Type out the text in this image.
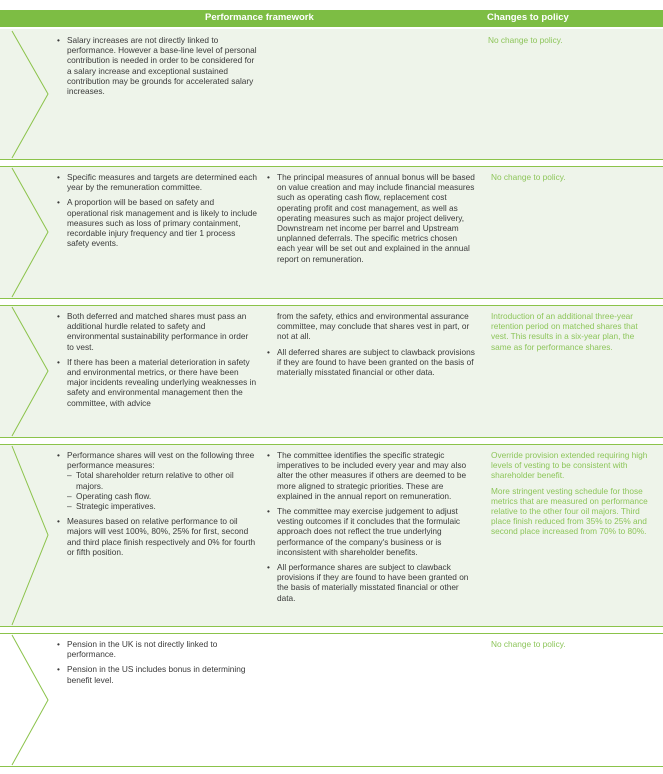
Performance framework	Changes to policy
• Salary increases are not directly linked to performance. However a base-line level of personal contribution is needed in order to be considered for a salary increase and exceptional sustained contribution may be grounds for accelerated salary increases.

No change to policy.

• Specific measures and targets are determined each year by the remuneration committee.
• A proportion will be based on safety and operational risk management and is likely to include measures such as loss of primary containment, recordable injury frequency and tier 1 process safety events.
• The principal measures of annual bonus will be based on value creation and may include financial measures such as operating cash flow, replacement cost operating profit and cost management, as well as operating measures such as major project delivery, Downstream net income per barrel and Upstream unplanned deferrals. The specific metrics chosen each year will be set out and explained in the annual report on remuneration.

No change to policy.

• Both deferred and matched shares must pass an additional hurdle related to safety and environmental sustainability performance in order to vest.
• If there has been a material deterioration in safety and environmental metrics, or there have been major incidents revealing underlying weaknesses in safety and environmental management then the committee, with advice

from the safety, ethics and environmental assurance committee, may conclude that shares vest in part, or not at all.

• All deferred shares are subject to clawback provisions if they are found to have been granted on the basis of materially misstated financial or other data.

Introduction of an additional three-year retention period on matched shares that vest. This results in a six-year plan, the same as for performance shares.

• Performance shares will vest on the following three performance measures:
– Total shareholder return relative to other oil majors.
– Operating cash flow.
– Strategic imperatives.
• Measures based on relative performance to oil majors will vest 100%, 80%, 25% for first, second and third place finish respectively and 0% for fourth or fifth position.
• The committee identifies the specific strategic imperatives to be included every year and may also alter the other measures if others are deemed to be more aligned to strategic priorities. These are explained in the annual report on remuneration.
• The committee may exercise judgement to adjust vesting outcomes if it concludes that the formulaic approach does not reflect the true underlying performance of the company's business or is inconsistent with shareholder benefits.
• All performance shares are subject to clawback provisions if they are found to have been granted on the basis of materially misstated financial or other data.

Override provision extended requiring high levels of vesting to be consistent with shareholder benefit.

More stringent vesting schedule for those metrics that are measured on performance relative to the other four oil majors. Third place finish reduced from 35% to 25% and second place increased from 70% to 80%.

• Pension in the UK is not directly linked to performance.
• Pension in the US includes bonus in determining benefit level.

No change to policy.
